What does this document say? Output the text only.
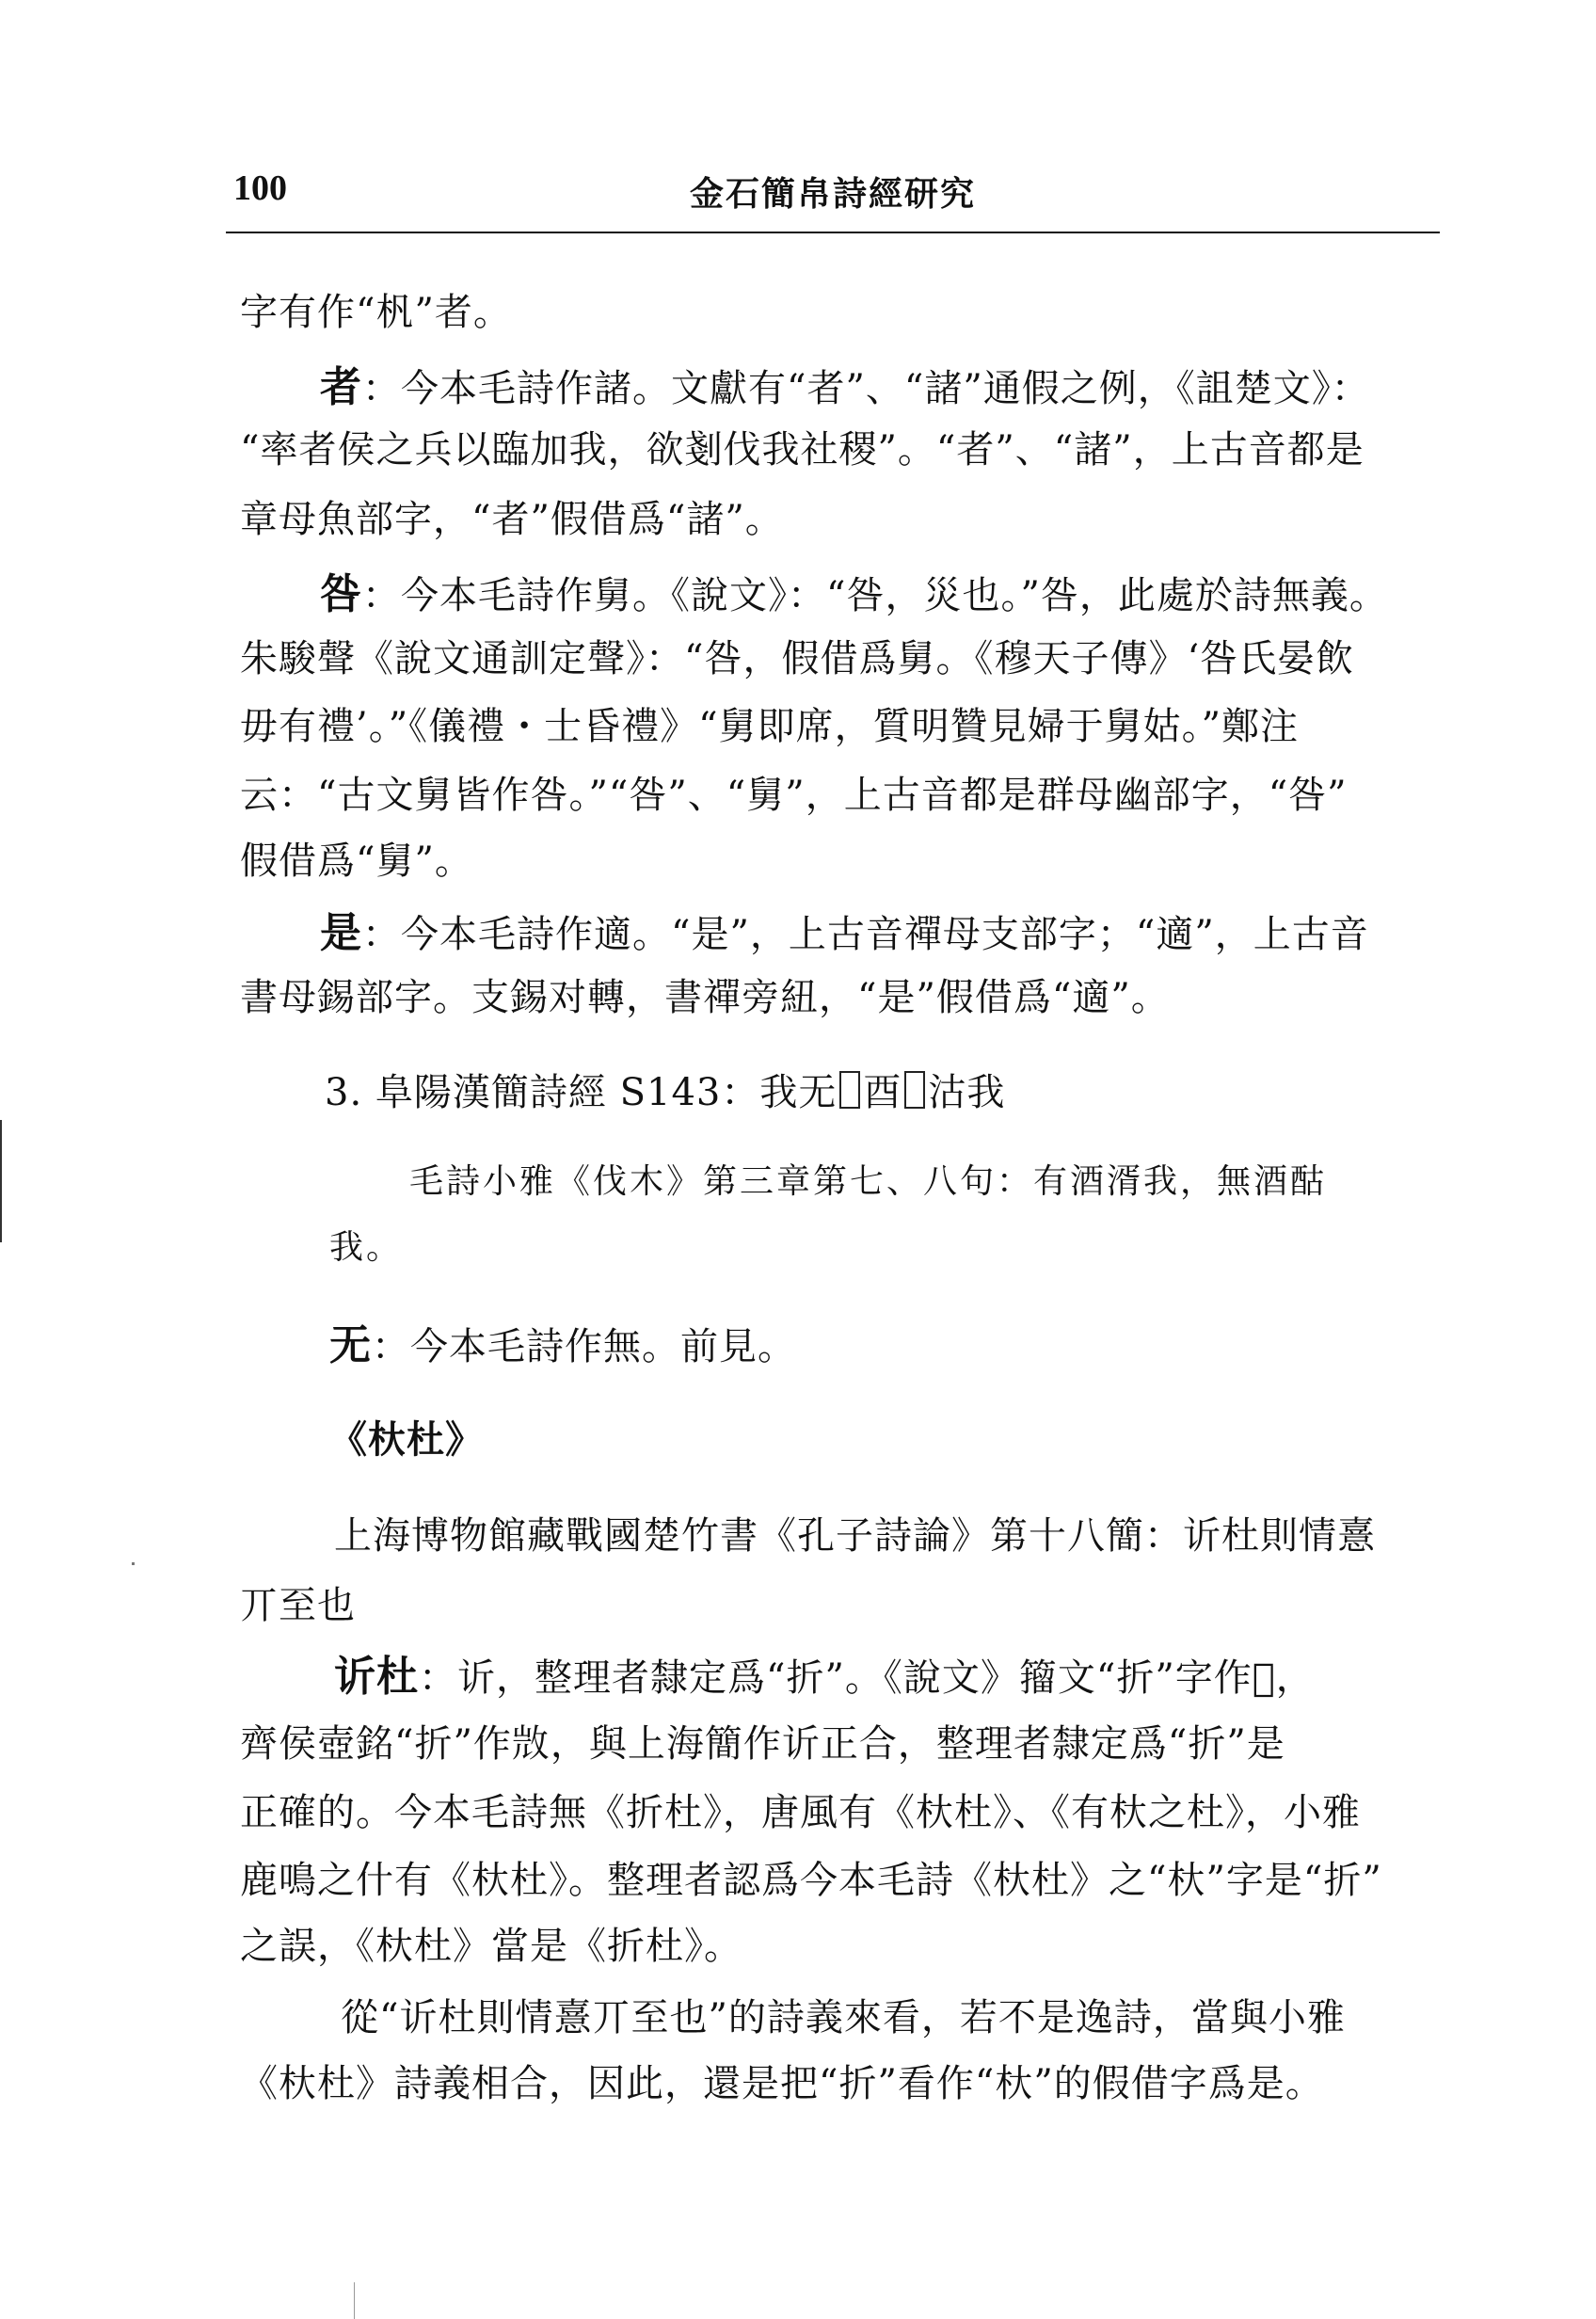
100	金石簡帛詩經研究
字有作“杋”者。
者：今本毛詩作諸。文獻有“者”、“諸”通假之例，《詛楚文》：
“率者侯之兵以臨加我，欲剗伐我社稷”。“者”、“諸”，上古音都是
章母魚部字，“者”假借爲“諸”。
咎：今本毛詩作舅。《說文》：“咎，災也。”咎，此處於詩無義。
朱駿聲《說文通訓定聲》：“咎，假借爲舅。《穆天子傳》‘咎氏晏飲
毋有禮’。”《儀禮・士昏禮》“舅即席，質明贊見婦于舅姑。”鄭注
云：“古文舅皆作咎。”“咎”、“舅”，上古音都是群母幽部字，“咎”
假借爲“舅”。
是：今本毛詩作適。“是”，上古音禪母支部字；“適”，上古音
書母錫部字。支錫对轉，書禪旁紐，“是”假借爲“適”。
3. 阜陽漢簡詩經 S143：我无 酉 沽我
毛詩小雅《伐木》第三章第七、八句：有酒湑我，無酒酤
我。
无：今本毛詩作無。前見。
《杕杜》
上海博物館藏戰國楚竹書《孔子詩論》第十八簡：䜣杜則情憙
丌至也
䜣杜：䜣，整理者隸定爲“折”。《說文》籀文“折”字作𣂚，
齊侯壺銘“折”作𣁋，與上海簡作䜣正合，整理者隸定爲“折”是
正確的。今本毛詩無《折杜》，唐風有《杕杜》、《有杕之杜》，小雅
鹿鳴之什有《杕杜》。整理者認爲今本毛詩《杕杜》之“杕”字是“折”
之誤，《杕杜》當是《折杜》。
從“䜣杜則情憙丌至也”的詩義來看，若不是逸詩，當與小雅
《杕杜》詩義相合，因此，還是把“折”看作“杕”的假借字爲是。
